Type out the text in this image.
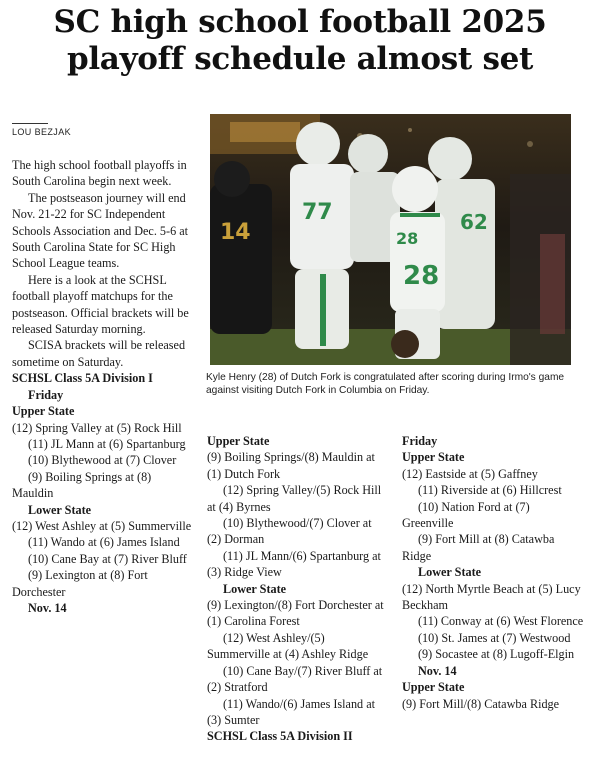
SC high school football 2025
playoff schedule almost set
LOU BEZJAK
14
77	62
28
28
Kyle Henry (28) of Dutch Fork is congratulated after scoring during Irmo's game against visiting Dutch Fork in Columbia on Friday.

The high school football playoffs in South Carolina begin next week.

The postseason journey will end Nov. 21-22 for SC Independent Schools Association and Dec. 5-6 at South Carolina State for SC High School League teams.

Here is a look at the SCHSL football playoff matchups for the postseason. Official brackets will be released Saturday morning.

SCISA brackets will be released sometime on Saturday.

SCHSL Class 5A Division I

Friday

Upper State

(12) Spring Valley at (5) Rock Hill

(11) JL Mann at (6) Spartanburg

(10) Blythewood at (7) Clover

(9) Boiling Springs at (8) Mauldin

Lower State

(12) West Ashley at (5) Summerville

(11) Wando at (6) James Island

(10) Cane Bay at (7) River Bluff

(9) Lexington at (8) Fort Dorchester

Nov. 14

Upper State

(9) Boiling Springs/(8) Mauldin at (1) Dutch Fork

(12) Spring Valley/(5) Rock Hill at (4) Byrnes

(10) Blythewood/(7) Clover at (2) Dorman

(11) JL Mann/(6) Spartanburg at (3) Ridge View

Lower State

(9) Lexington/(8) Fort Dorchester at (1) Carolina Forest

(12) West Ashley/(5) Summerville at (4) Ashley Ridge

(10) Cane Bay/(7) River Bluff at (2) Stratford

(11) Wando/(6) James Island at (3) Sumter

SCHSL Class 5A Division II

Friday

Upper State

(12) Eastside at (5) Gaffney

(11) Riverside at (6) Hillcrest

(10) Nation Ford at (7) Greenville

(9) Fort Mill at (8) Catawba Ridge

Lower State

(12) North Myrtle Beach at (5) Lucy Beckham

(11) Conway at (6) West Florence

(10) St. James at (7) Westwood

(9) Socastee at (8) Lugoff-Elgin

Nov. 14

Upper State

(9) Fort Mill/(8) Catawba Ridge
